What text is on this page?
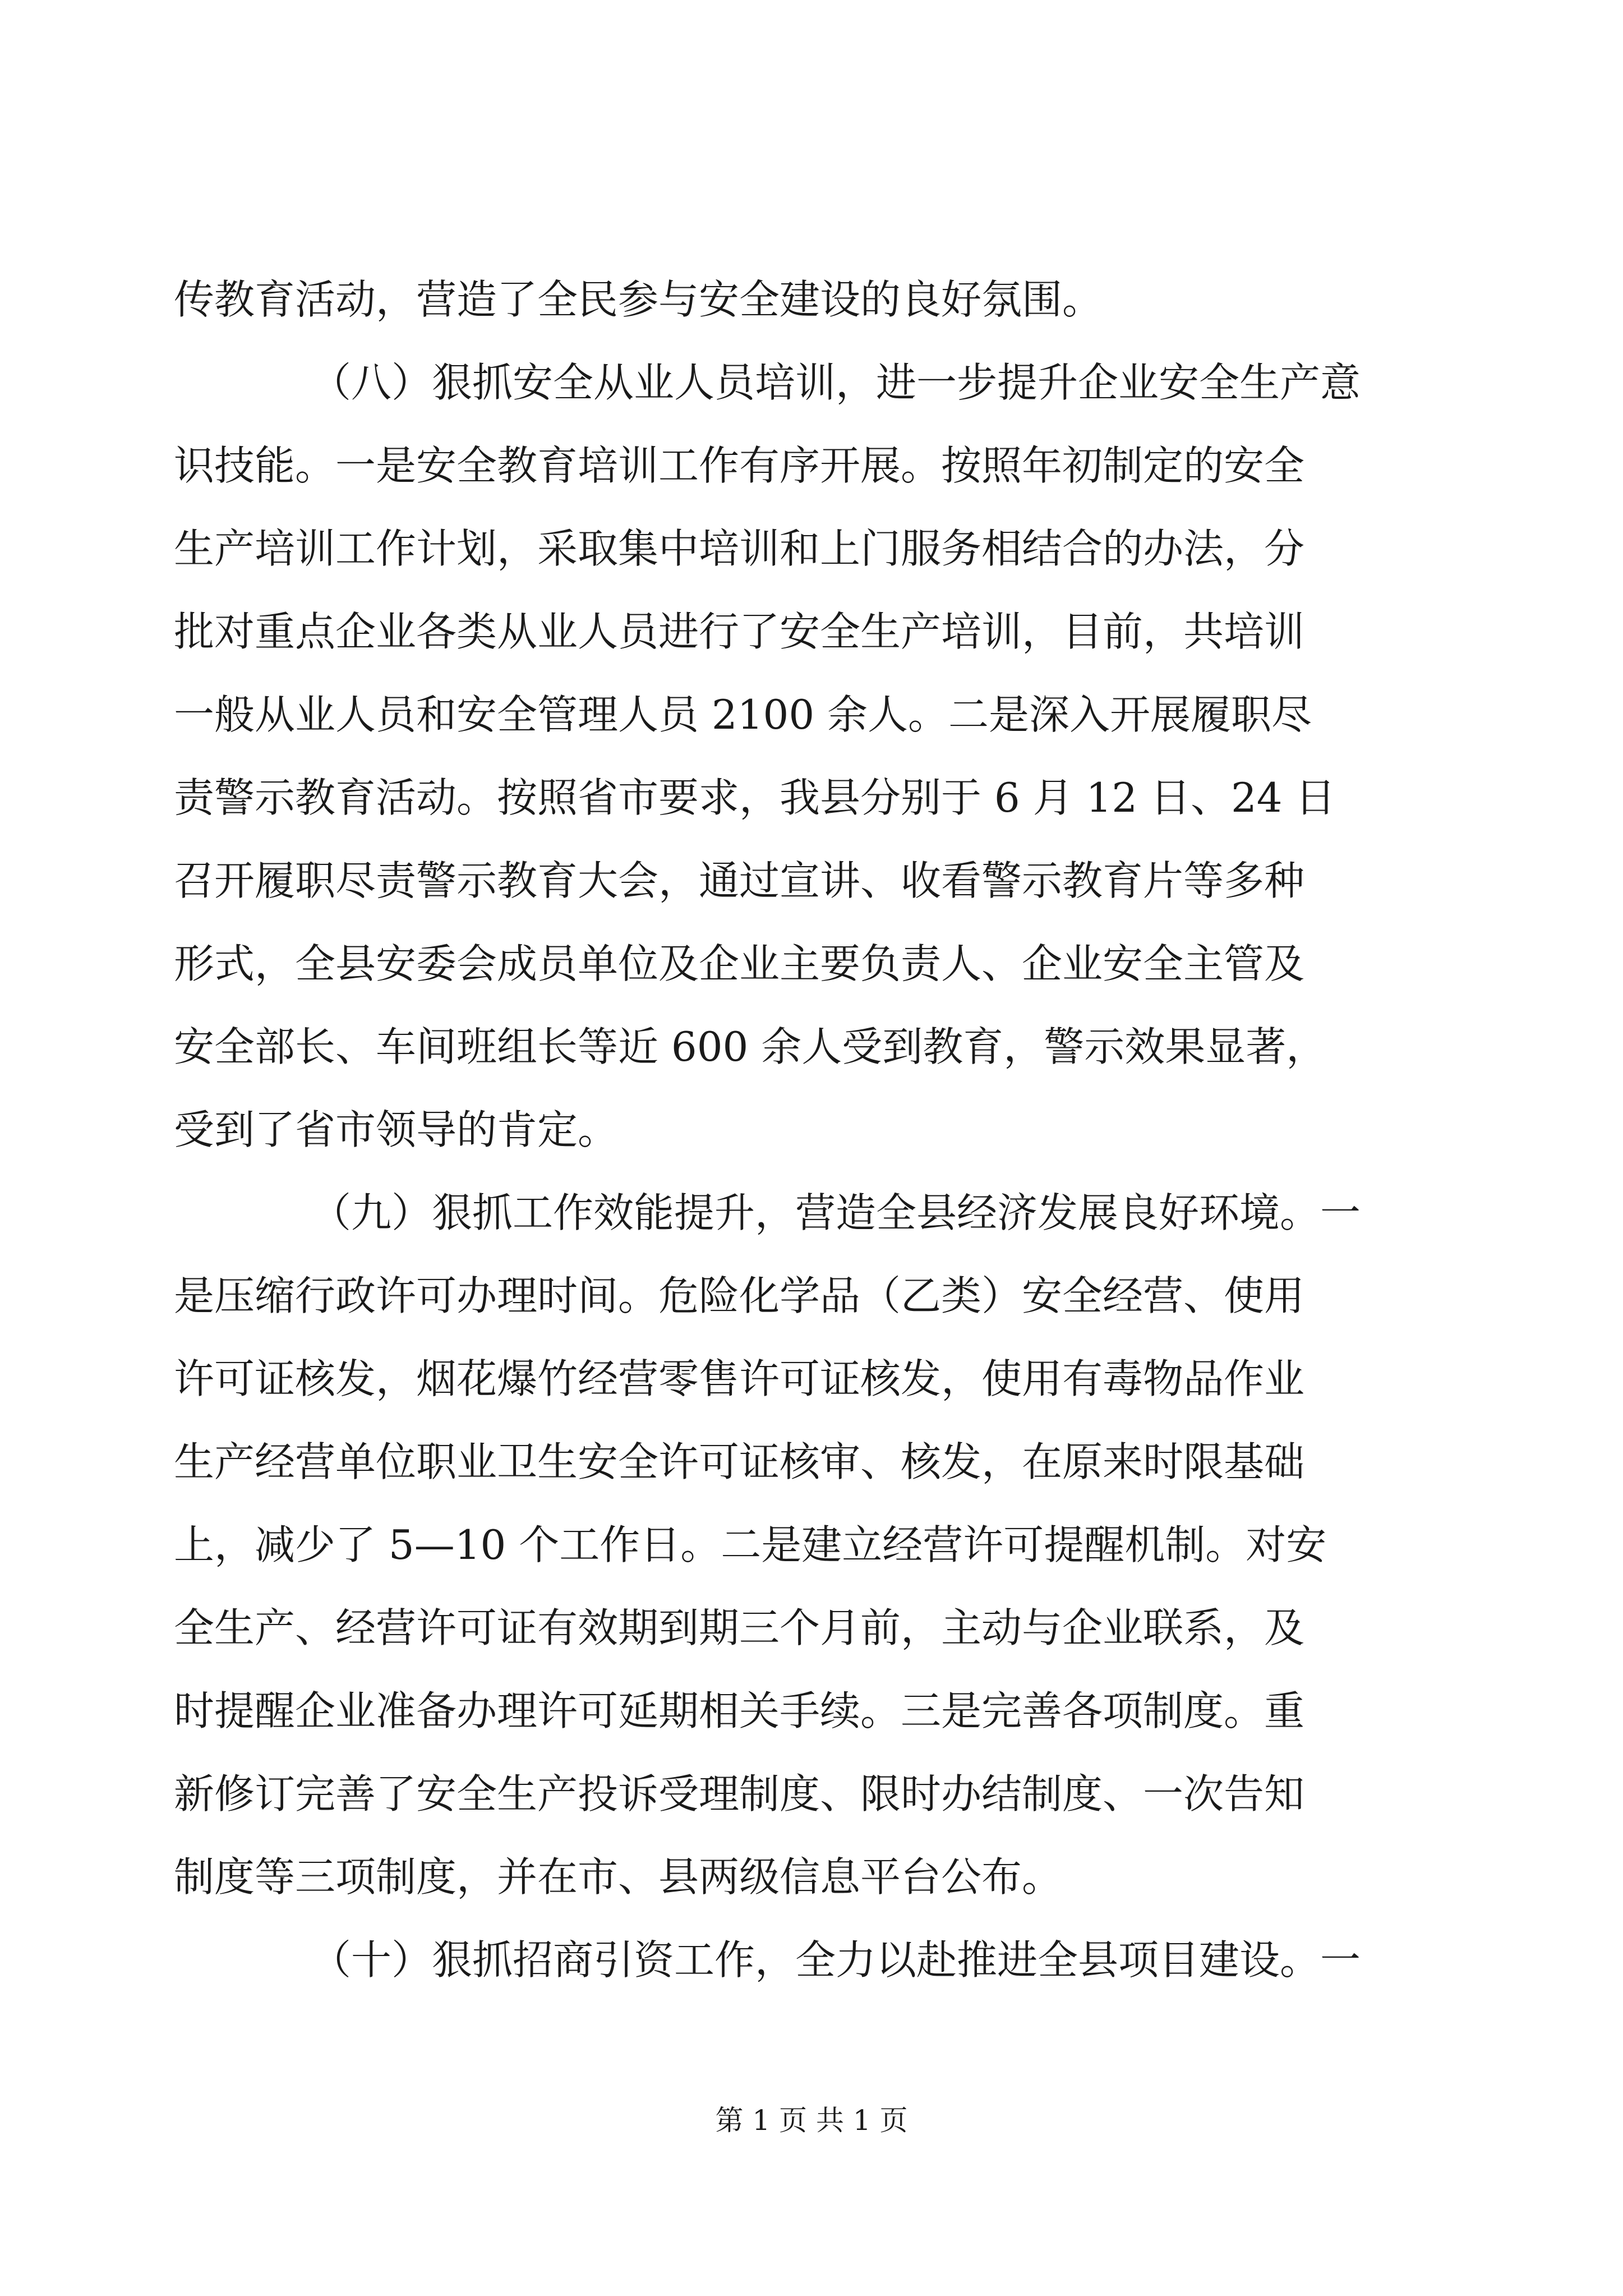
传教育活动，营造了全民参与安全建设的良好氛围。
（八）狠抓安全从业人员培训，进一步提升企业安全生产意
识技能。一是安全教育培训工作有序开展。按照年初制定的安全
生产培训工作计划，采取集中培训和上门服务相结合的办法，分
批对重点企业各类从业人员进行了安全生产培训，目前，共培训
一般从业人员和安全管理人员 2100 余人。二是深入开展履职尽
责警示教育活动。按照省市要求，我县分别于 6 月 12 日、24 日
召开履职尽责警示教育大会，通过宣讲、收看警示教育片等多种
形式，全县安委会成员单位及企业主要负责人、企业安全主管及
安全部长、车间班组长等近 600 余人受到教育，警示效果显著，
受到了省市领导的肯定。
（九）狠抓工作效能提升，营造全县经济发展良好环境。一
是压缩行政许可办理时间。危险化学品（乙类）安全经营、使用
许可证核发，烟花爆竹经营零售许可证核发，使用有毒物品作业
生产经营单位职业卫生安全许可证核审、核发，在原来时限基础
上，减少了 5—10 个工作日。二是建立经营许可提醒机制。对安
全生产、经营许可证有效期到期三个月前，主动与企业联系，及
时提醒企业准备办理许可延期相关手续。三是完善各项制度。重
新修订完善了安全生产投诉受理制度、限时办结制度、一次告知
制度等三项制度，并在市、县两级信息平台公布。
（十）狠抓招商引资工作，全力以赴推进全县项目建设。一
第 1 页 共 1 页
